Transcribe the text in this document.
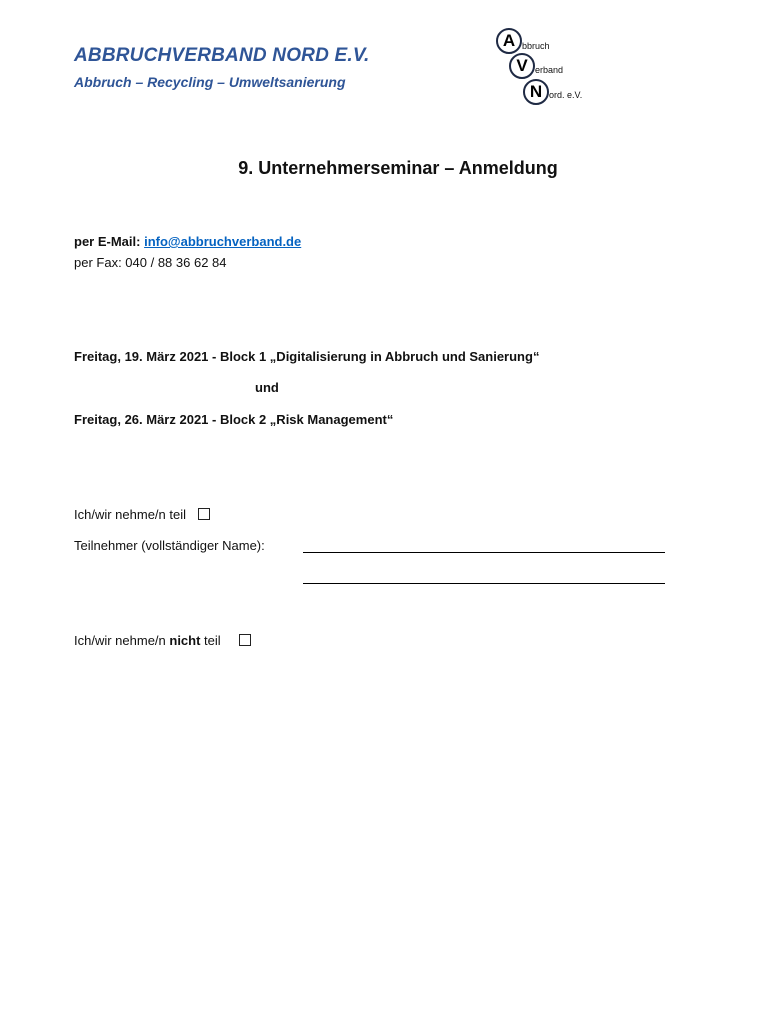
ABBRUCHVERBAND NORD E.V.
Abbruch – Recycling – Umweltsanierung
A bbruch
V erband
N ord. e.V.
9. Unternehmerseminar – Anmeldung
per E-Mail: info@abbruchverband.de
per Fax: 040 / 88 36 62 84
Freitag, 19. März 2021 - Block 1 „Digitalisierung in Abbruch und Sanierung“
und
Freitag, 26. März 2021 - Block 2 „Risk Management“
Ich/wir nehme/n teil
Teilnehmer (vollständiger Name):
Ich/wir nehme/n nicht teil
